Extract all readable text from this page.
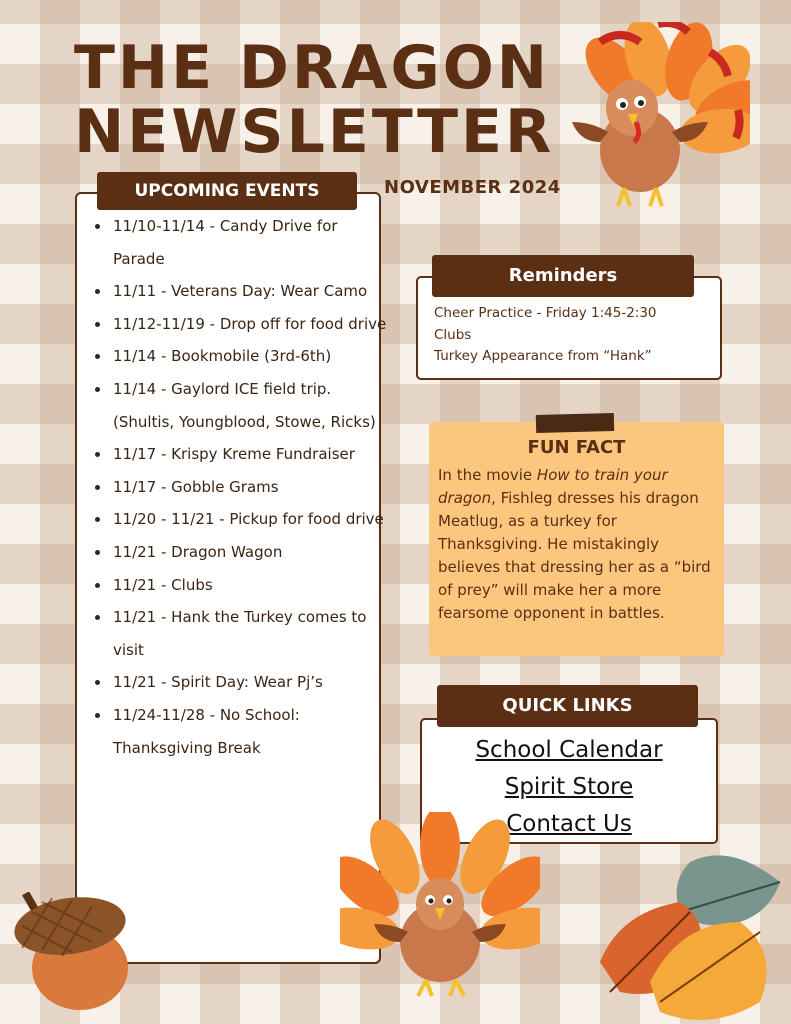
THE DRAGON
NEWSLETTER
NOVEMBER 2024
UPCOMING EVENTS
• 11/10-11/14 - Candy Drive for Parade
• 11/11 - Veterans Day: Wear Camo
• 11/12-11/19 - Drop off for food drive
• 11/14 - Bookmobile (3rd-6th)
• 11/14 - Gaylord ICE field trip. (Shultis, Youngblood, Stowe, Ricks)
• 11/17 - Krispy Kreme Fundraiser
• 11/17 - Gobble Grams
• 11/20 - 11/21 - Pickup for food drive
• 11/21 - Dragon Wagon
• 11/21 - Clubs
• 11/21 - Hank the Turkey comes to visit
• 11/21 - Spirit Day: Wear Pj’s
• 11/24-11/28 - No School: Thanksgiving Break
Reminders
Cheer Practice - Friday 1:45-2:30
Clubs
Turkey Appearance from “Hank”
FUN FACT

In the movie How to train your dragon, Fishleg dresses his dragon Meatlug, as a turkey for Thanksgiving. He mistakingly believes that dressing her as a “bird of prey” will make her a more fearsome opponent in battles.

QUICK LINKS
School Calendar
Spirit Store
Contact Us
